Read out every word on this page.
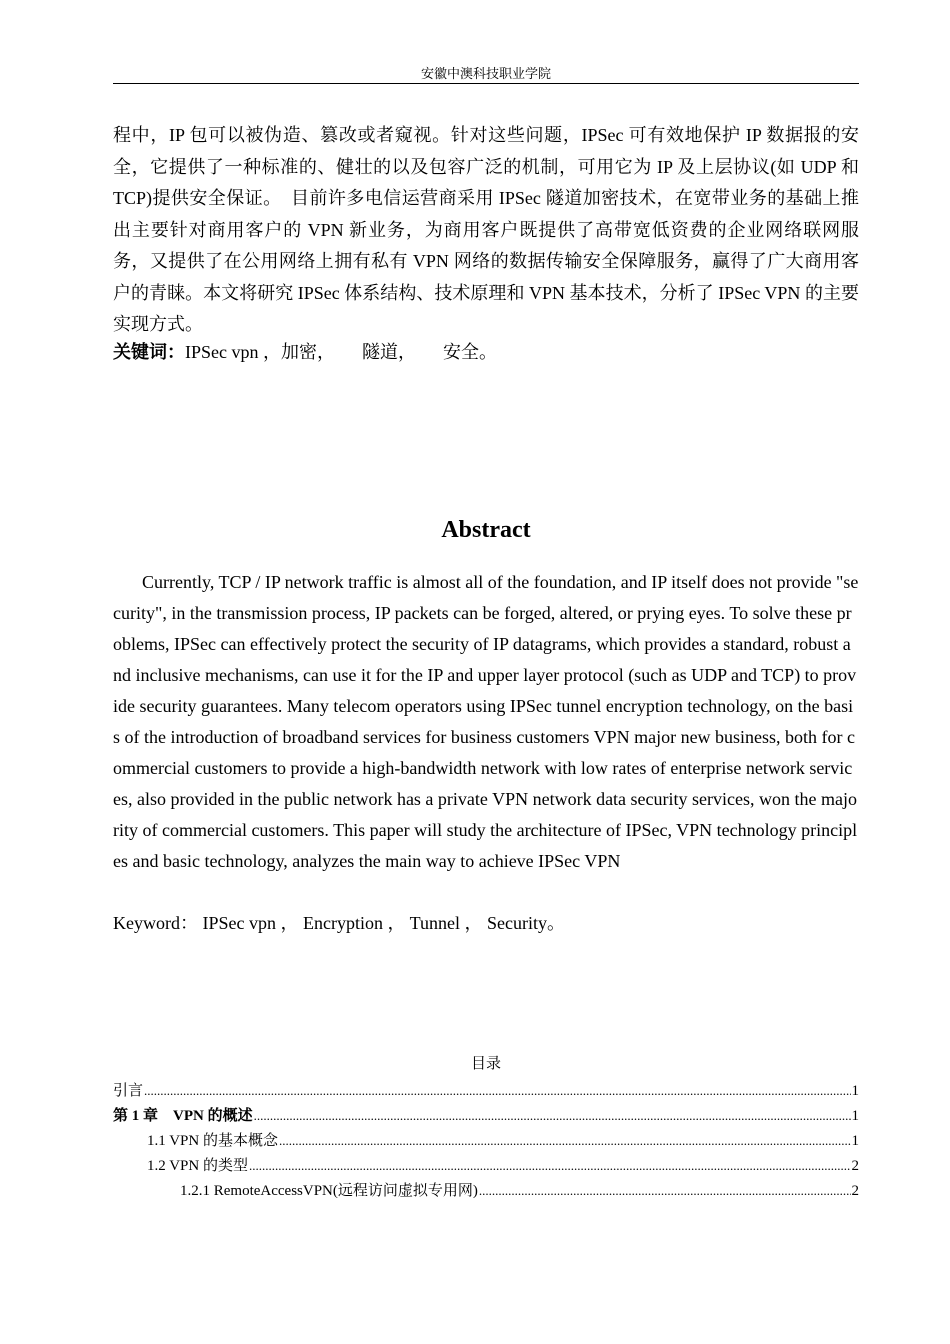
安徽中澳科技职业学院

程中，IP 包可以被伪造、篡改或者窥视。针对这些问题，IPSec 可有效地保护 IP 数据报的安全，它提供了一种标准的、健壮的以及包容广泛的机制，可用它为 IP 及上层协议(如 UDP 和 TCP)提供安全保证。　目前许多电信运营商采用 IPSec 隧道加密技术，在宽带业务的基础上推出主要针对商用客户的 VPN 新业务，为商用客户既提供了高带宽低资费的企业网络联网服务，又提供了在公用网络上拥有私有 VPN 网络的数据传输安全保障服务，赢得了广大商用客户的青睐。本文将研究 IPSec 体系结构、技术原理和 VPN 基本技术，分析了 IPSec VPN 的主要实现方式。

关键词：IPSec vpn ，加密，　　隧道，　　安全。

Abstract

Currently, TCP / IP network traffic is almost all of the foundation, and IP itself does not provide "security", in the transmission process, IP packets can be forged, altered, or prying eyes. To solve these problems, IPSec can effectively protect the security of IP datagrams, which provides a standard, robust and inclusive mechanisms, can use it for the IP and upper layer protocol (such as UDP and TCP) to provide security guarantees. Many telecom operators using IPSec tunnel encryption technology, on the basis of the introduction of broadband services for business customers VPN major new business, both for commercial customers to provide a high-bandwidth network with low rates of enterprise network services, also provided in the public network has a private VPN network data security services, won the majority of commercial customers. This paper will study the architecture of IPSec, VPN technology principles and basic technology, analyzes the main way to achieve IPSec VPN

Keyword： IPSec vpn ， Encryption ， Tunnel ， Security。

目录
引言 .....	1
第 1 章　VPN 的概述 .....	1
1.1 VPN 的基本概念 .....	1
1.2 VPN 的类型 .....	2
1.2.1 RemoteAccessVPN(远程访问虚拟专用网) .....	2
